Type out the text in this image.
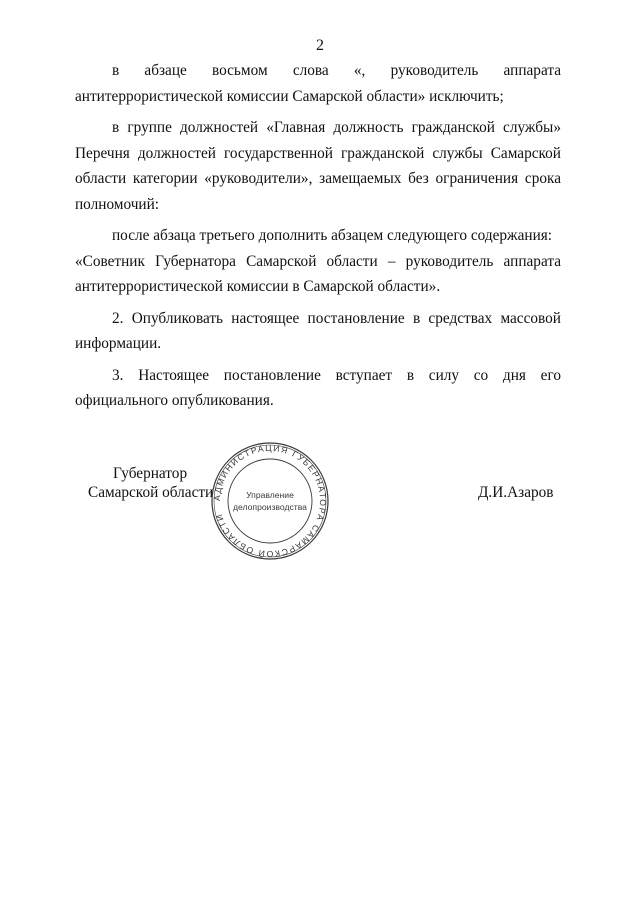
2

в абзаце восьмом слова «, руководитель аппарата антитеррористической комиссии Самарской области» исключить;

в группе должностей «Главная должность гражданской службы» Перечня должностей государственной гражданской службы Самарской области категории «руководители», замещаемых без ограничения срока полномочий:

после абзаца третьего дополнить абзацем следующего содержания:

«Советник Губернатора Самарской области – руководитель аппарата антитеррористической комиссии в Самарской области».

2. Опубликовать настоящее постановление в средствах массовой информации.

3. Настоящее постановление вступает в силу со дня его официального опубликования.

Губернатор
Самарской области
АДМИНИСТРАЦИЯ ГУБЕРНАТОРА САМАРСКОЙ ОБЛАСТИ
Управление
делопроизводства
Д.И.Азаров
